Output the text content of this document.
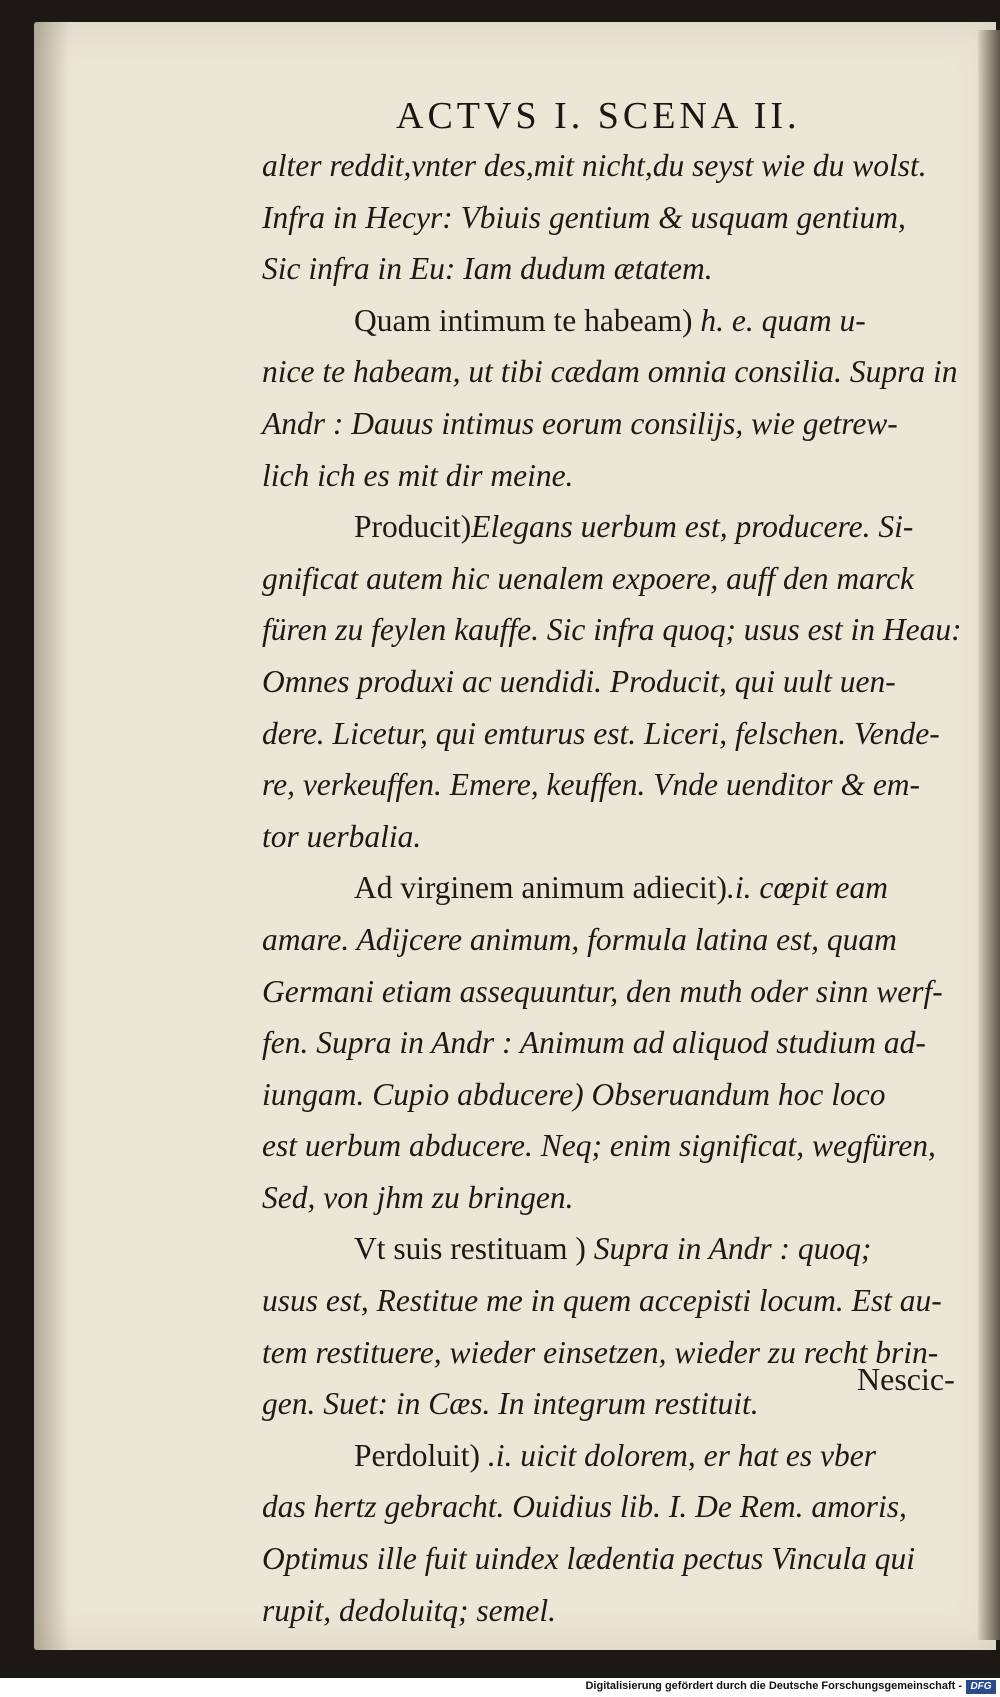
ACTVS I. SCENA II.
alter reddit,vnter des,mit nicht,du seyst wie du wolst.
Infra in Hecyr: Vbiuis gentium & usquam gentium,
Sic infra in Eu: Iam dudum ætatem.
Quam intimum te habeam) h. e. quam u-
nice te habeam, ut tibi cædam omnia consilia. Supra in
Andr : Dauus intimus eorum consilijs, wie getrew-
lich ich es mit dir meine.
Producit)Elegans uerbum est, producere. Si-
gnificat autem hic uenalem expoere, auff den marck
füren zu feylen kauffe. Sic infra quoq; usus est in Heau:
Omnes produxi ac uendidi. Producit, qui uult uen-
dere. Licetur, qui emturus est. Liceri, felschen. Vende-
re, verkeuffen. Emere, keuffen. Vnde uenditor & em-
tor uerbalia.
Ad virginem animum adiecit).i. cœpit eam
amare. Adijcere animum, formula latina est, quam
Germani etiam assequuntur, den muth oder sinn werf-
fen. Supra in Andr : Animum ad aliquod studium ad-
iungam. Cupio abducere) Obseruandum hoc loco
est uerbum abducere. Neq; enim significat, wegfüren,
Sed, von jhm zu bringen.
Vt suis restituam ) Supra in Andr : quoq;
usus est, Restitue me in quem accepisti locum. Est au-
tem restituere, wieder einsetzen, wieder zu recht brin-
gen. Suet: in Cæs. In integrum restituit.
Perdoluit) .i. uicit dolorem, er hat es vber
das hertz gebracht. Ouidius lib. I. De Rem. amoris,
Optimus ille fuit uindex lædentia pectus Vincula qui
rupit, dedoluitq; semel.
Nescic-
Digitalisierung gefördert durch die Deutsche Forschungsgemeinschaft - DFG
